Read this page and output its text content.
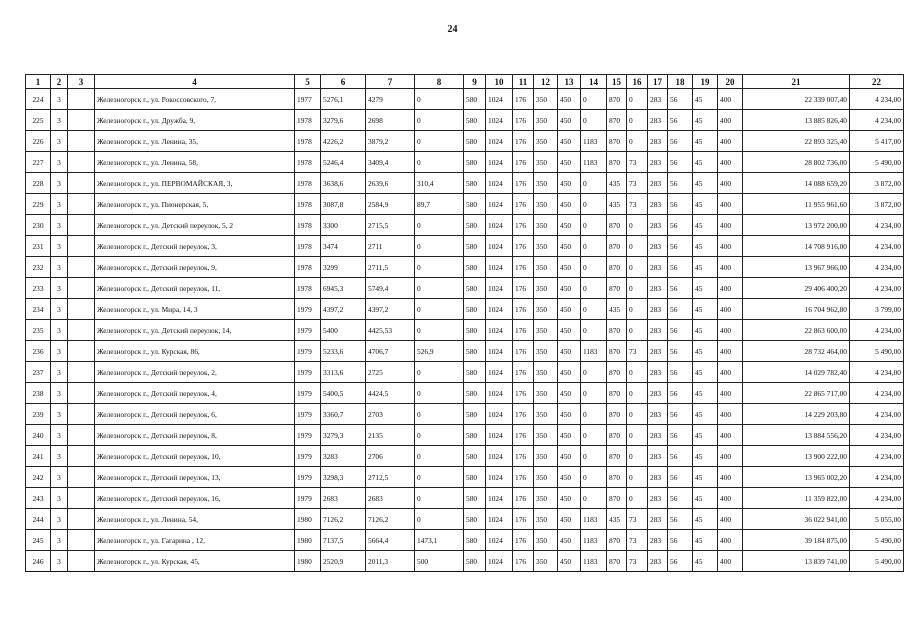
24
1	2	3	4	5	6	7	8	9	10	11	12	13	14	15	16	17	18	19	20	21	22
224	3		Железногорск г., ул. Рокоссовского, 7,	1977	5276,1	4279	0	580	1024	176	350	450	0	870	0	283	56	45	400	22 339 007,40	4 234,00
225	3		Железногорск г., ул. Дружба, 9,	1978	3279,6	2698	0	580	1024	176	350	450	0	870	0	283	56	45	400	13 885 826,40	4 234,00
226	3		Железногорск г., ул. Ленина, 35,	1978	4226,2	3879,2	0	580	1024	176	350	450	1183	870	0	283	56	45	400	22 893 325,40	5 417,00
227	3		Железногорск г., ул. Ленина, 58,	1978	5246,4	3409,4	0	580	1024	176	350	450	1183	870	73	283	56	45	400	28 802 736,00	5 490,00
228	3		Железногорск г., ул. ПЕРВОМАЙСКАЯ, 3,	1978	3638,6	2639,6	310,4	580	1024	176	350	450	0	435	73	283	56	45	400	14 088 659,20	3 872,00
229	3		Железногорск г., ул. Пионерская, 5,	1978	3087,8	2584,9	89,7	580	1024	176	350	450	0	435	73	283	56	45	400	11 955 961,60	3 872,00
230	3		Железногорск г., ул. Детский переулок, 5, 2	1978	3300	2715,5	0	580	1024	176	350	450	0	870	0	283	56	45	400	13 972 200,00	4 234,00
231	3		Железногорск г., Детский переулок, 3,	1978	3474	2711	0	580	1024	176	350	450	0	870	0	283	56	45	400	14 708 916,00	4 234,00
232	3		Железногорск г., Детский переулок, 9,	1978	3299	2711,5	0	580	1024	176	350	450	0	870	0	283	56	45	400	13 967 966,00	4 234,00
233	3		Железногорск г., Детский переулок, 11,	1978	6945,3	5749,4	0	580	1024	176	350	450	0	870	0	283	56	45	400	29 406 400,20	4 234,00
234	3		Железногорск г., ул. Мира, 14, 3	1979	4397,2	4397,2	0	580	1024	176	350	450	0	435	0	283	56	45	400	16 704 962,80	3 799,00
235	3		Железногорск г., ул. Детский переулок, 14,	1979	5400	4425,53	0	580	1024	176	350	450	0	870	0	283	56	45	400	22 863 600,00	4 234,00
236	3		Железногорск г., ул. Курская, 86,	1979	5233,6	4706,7	526,9	580	1024	176	350	450	1183	870	73	283	56	45	400	28 732 464,00	5 490,00
237	3		Железногорск г., Детский переулок, 2,	1979	3313,6	2725	0	580	1024	176	350	450	0	870	0	283	56	45	400	14 029 782,40	4 234,00
238	3		Железногорск г., Детский переулок, 4,	1979	5400,5	4424,5	0	580	1024	176	350	450	0	870	0	283	56	45	400	22 865 717,00	4 234,00
239	3		Железногорск г., Детский переулок, 6,	1979	3360,7	2703	0	580	1024	176	350	450	0	870	0	283	56	45	400	14 229 203,80	4 234,00
240	3		Железногорск г., Детский переулок, 8,	1979	3279,3	2135	0	580	1024	176	350	450	0	870	0	283	56	45	400	13 884 556,20	4 234,00
241	3		Железногорск г., Детский переулок, 10,	1979	3283	2706	0	580	1024	176	350	450	0	870	0	283	56	45	400	13 900 222,00	4 234,00
242	3		Железногорск г., Детский переулок, 13,	1979	3298,3	2712,5	0	580	1024	176	350	450	0	870	0	283	56	45	400	13 965 002,20	4 234,00
243	3		Железногорск г., Детский переулок, 16,	1979	2683	2683	0	580	1024	176	350	450	0	870	0	283	56	45	400	11 359 822,00	4 234,00
244	3		Железногорск г., ул. Ленина, 54,	1980	7126,2	7126,2	0	580	1024	176	350	450	1183	435	73	283	56	45	400	36 022 941,00	5 055,00
245	3		Железногорск г., ул. Гагарина , 12,	1980	7137,5	5664,4	1473,1	580	1024	176	350	450	1183	870	73	283	56	45	400	39 184 875,00	5 490,00
246	3		Железногорск г., ул. Курская, 45,	1980	2520,9	2011,3	500	580	1024	176	350	450	1183	870	73	283	56	45	400	13 839 741,00	5 490,00
